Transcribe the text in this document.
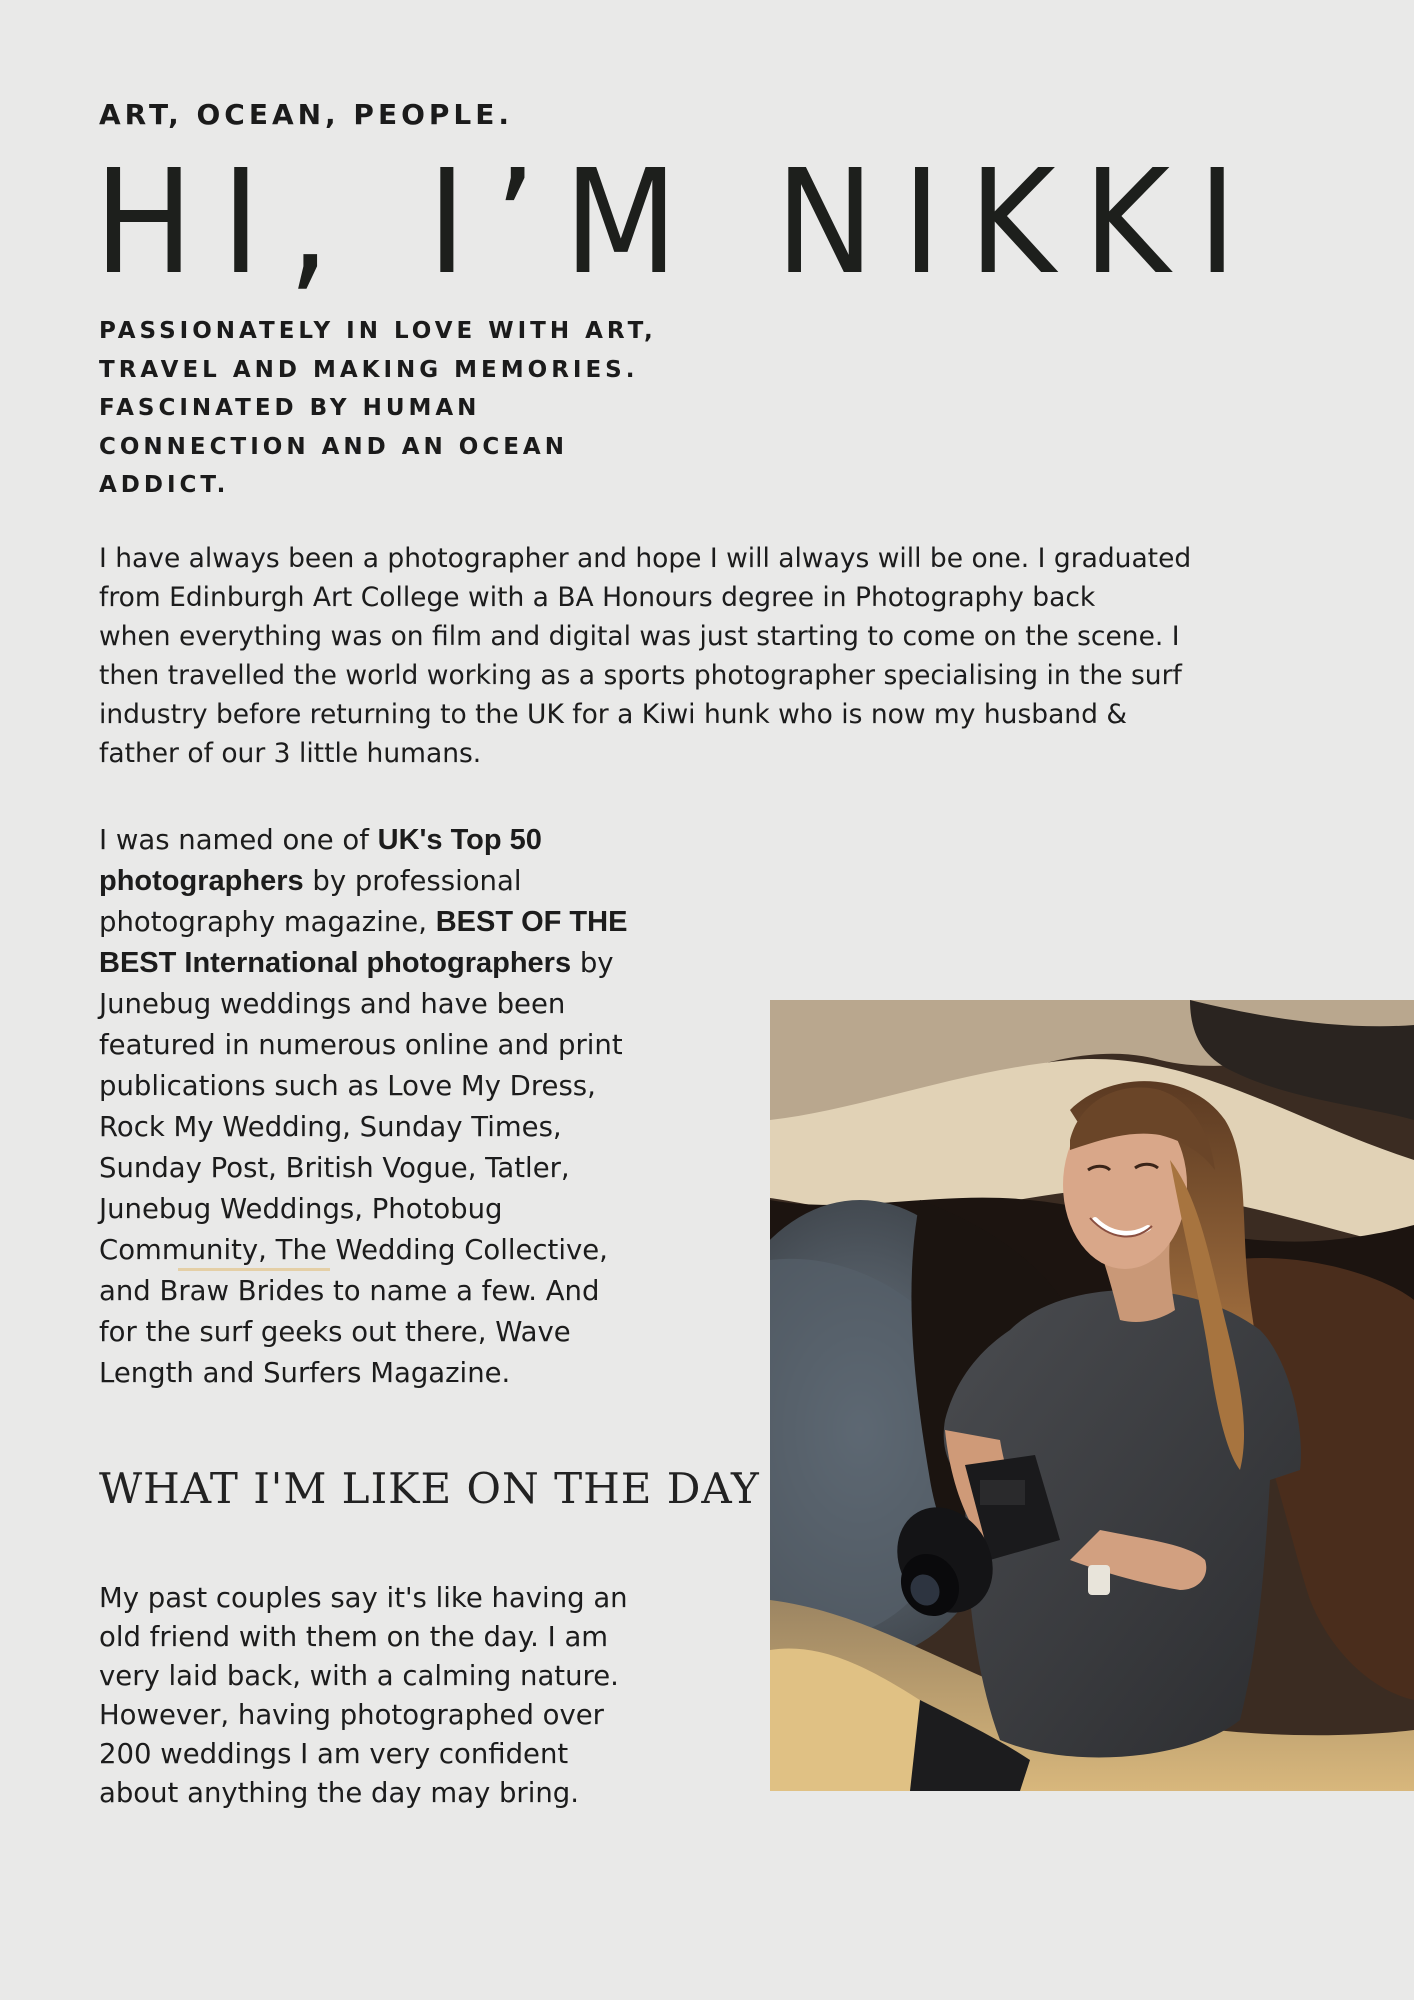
ART, OCEAN, PEOPLE.

HI, I’M NIKKI

PASSIONATELY IN LOVE WITH ART,
TRAVEL AND MAKING MEMORIES.
FASCINATED BY HUMAN
CONNECTION AND AN OCEAN
ADDICT.

I have always been a photographer and hope I will always will be one. I graduated
from Edinburgh Art College with a BA Honours degree in Photography back
when everything was on film and digital was just starting to come on the scene. I
then travelled the world working as a sports photographer specialising in the surf
industry before returning to the UK for a Kiwi hunk who is now my husband &
father of our 3 little humans.

I was named one of UK's Top 50
photographers by professional
photography magazine, BEST OF THE
BEST International photographers by
Junebug weddings and have been
featured in numerous online and print
publications such as Love My Dress,
Rock My Wedding, Sunday Times,
Sunday Post, British Vogue, Tatler,
Junebug Weddings, Photobug
Community, The Wedding Collective,
and Braw Brides to name a few. And
for the surf geeks out there, Wave
Length and Surfers Magazine.

WHAT I'M LIKE ON THE DAY

My past couples say it's like having an
old friend with them on the day. I am
very laid back, with a calming nature.
However, having photographed over
200 weddings I am very confident
about anything the day may bring.
